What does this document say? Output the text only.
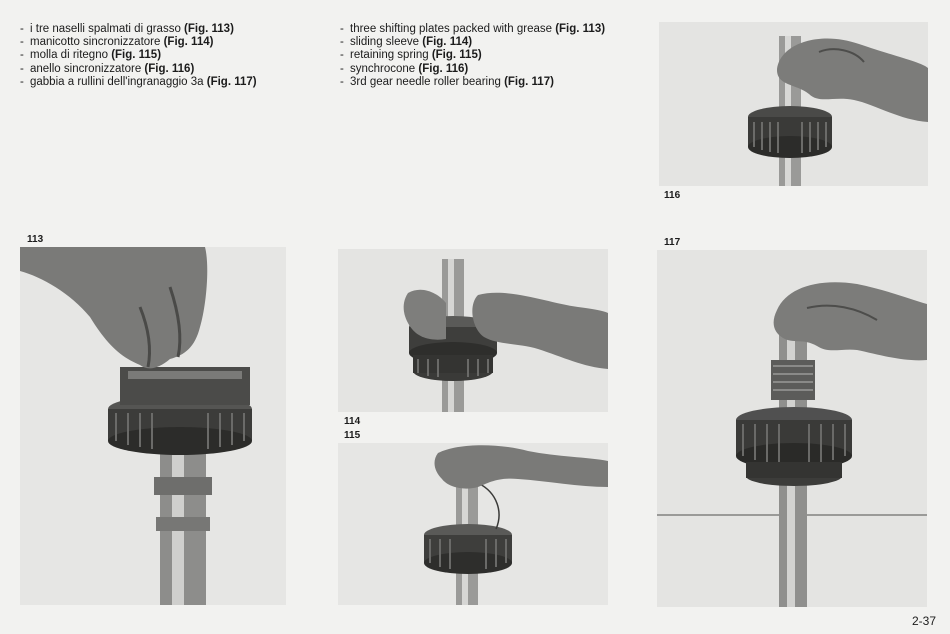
- i tre naselli spalmati di grasso (Fig. 113)
- manicotto sincronizzatore (Fig. 114)
- molla di ritegno (Fig. 115)
- anello sincronizzatore (Fig. 116)
- gabbia a rullini dell'ingranaggio 3a (Fig. 117)
- three shifting plates packed with grease (Fig. 113)
- sliding sleeve (Fig. 114)
- retaining spring (Fig. 115)
- synchrocone (Fig. 116)
- 3rd gear needle roller bearing (Fig. 117)
116
113
114
115
117
2-37
